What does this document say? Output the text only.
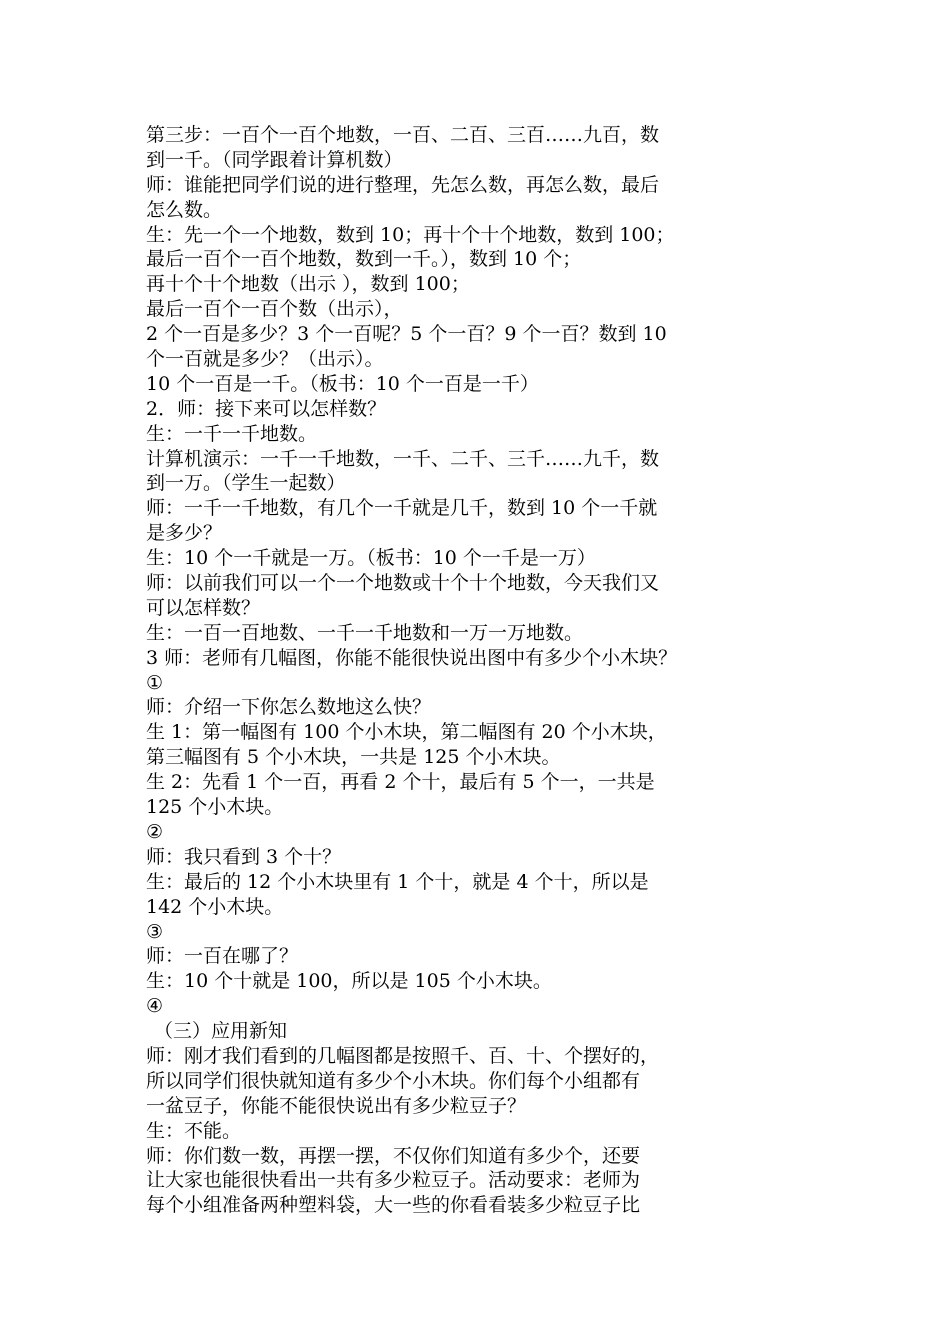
第三步：一百个一百个地数，一百、二百、三百……九百，数
到一千。（同学跟着计算机数）
师：谁能把同学们说的进行整理，先怎么数，再怎么数，最后
怎么数。
生：先一个一个地数，数到 10；再十个十个地数，数到 100；
最后一百个一百个地数，数到一千。），数到 10 个；
再十个十个地数（出示 ），数到 100；
最后一百个一百个数（出示），
2 个一百是多少？3 个一百呢？5 个一百？9 个一百？数到 10
个一百就是多少？（出示）。
10 个一百是一千。（板书：10 个一百是一千）
2．师：接下来可以怎样数？
生：一千一千地数。
计算机演示：一千一千地数，一千、二千、三千……九千，数
到一万。（学生一起数）
师：一千一千地数，有几个一千就是几千，数到 10 个一千就
是多少？
生：10 个一千就是一万。（板书：10 个一千是一万）
师：以前我们可以一个一个地数或十个十个地数，今天我们又
可以怎样数？
生：一百一百地数、一千一千地数和一万一万地数。
3 师：老师有几幅图，你能不能很快说出图中有多少个小木块？
①
师：介绍一下你怎么数地这么快？
生 1：第一幅图有 100 个小木块，第二幅图有 20 个小木块，
第三幅图有 5 个小木块，一共是 125 个小木块。
生 2：先看 1 个一百，再看 2 个十，最后有 5 个一，一共是
125 个小木块。
②
师：我只看到 3 个十？
生：最后的 12 个小木块里有 1 个十，就是 4 个十，所以是
142 个小木块。
③
师：一百在哪了？
生：10 个十就是 100，所以是 105 个小木块。
④
（三）应用新知
师：刚才我们看到的几幅图都是按照千、百、十、个摆好的，
所以同学们很快就知道有多少个小木块。你们每个小组都有
一盆豆子，你能不能很快说出有多少粒豆子？
生：不能。
师：你们数一数，再摆一摆，不仅你们知道有多少个，还要
让大家也能很快看出一共有多少粒豆子。活动要求：老师为
每个小组准备两种塑料袋，大一些的你看看装多少粒豆子比
